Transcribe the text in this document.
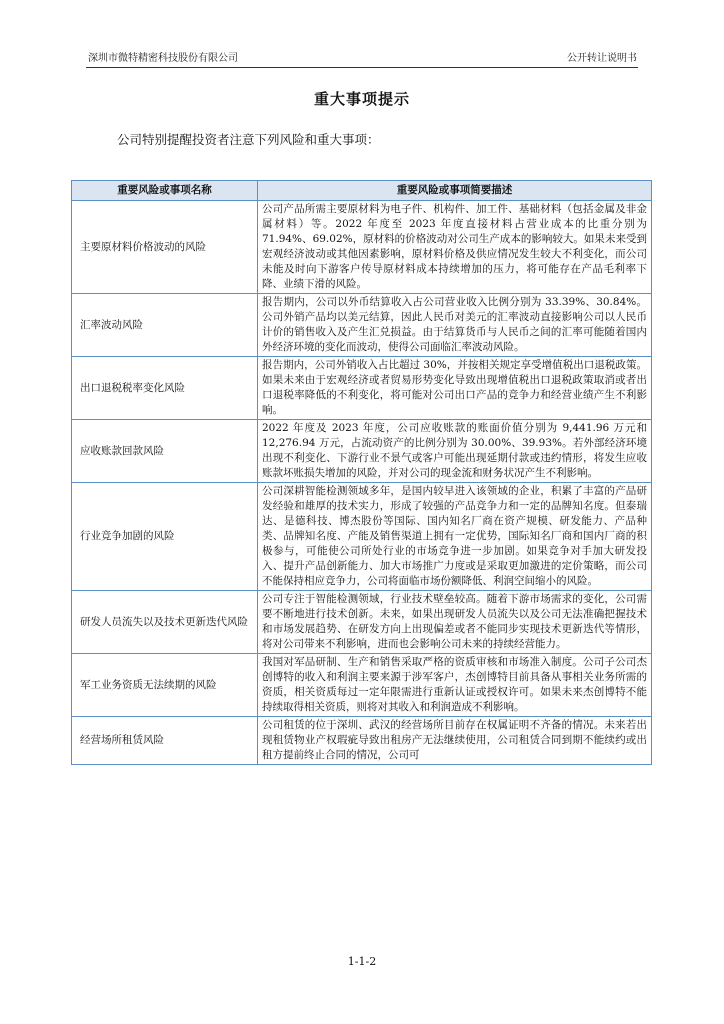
深圳市微特精密科技股份有限公司	公开转让说明书
重大事项提示
公司特别提醒投资者注意下列风险和重大事项：
重要风险或事项名称	重要风险或事项简要描述
主要原材料价格波动的风险	公司产品所需主要原材料为电子件、机构件、加工件、基础材料（包括金属及非金属材料）等。2022 年度至 2023 年度直接材料占营业成本的比重分别为 71.94%、69.02%，原材料的价格波动对公司生产成本的影响较大。如果未来受到宏观经济波动或其他因素影响，原材料价格及供应情况发生较大不利变化，而公司未能及时向下游客户传导原材料成本持续增加的压力，将可能存在产品毛利率下降、业绩下滑的风险。
汇率波动风险	报告期内，公司以外币结算收入占公司营业收入比例分别为 33.39%、30.84%。公司外销产品均以美元结算，因此人民币对美元的汇率波动直接影响公司以人民币计价的销售收入及产生汇兑损益。由于结算货币与人民币之间的汇率可能随着国内外经济环境的变化而波动，使得公司面临汇率波动风险。
出口退税税率变化风险	报告期内，公司外销收入占比超过 30%，并按相关规定享受增值税出口退税政策。如果未来由于宏观经济或者贸易形势变化导致出现增值税出口退税政策取消或者出口退税率降低的不利变化，将可能对公司出口产品的竞争力和经营业绩产生不利影响。
应收账款回款风险	2022 年度及 2023 年度，公司应收账款的账面价值分别为 9,441.96 万元和 12,276.94 万元，占流动资产的比例分别为 30.00%、39.93%。若外部经济环境出现不利变化、下游行业不景气或客户可能出现延期付款或违约情形，将发生应收账款坏账损失增加的风险，并对公司的现金流和财务状况产生不利影响。
行业竞争加剧的风险	公司深耕智能检测领域多年，是国内较早进入该领域的企业，积累了丰富的产品研发经验和雄厚的技术实力，形成了较强的产品竞争力和一定的品牌知名度。但泰瑞达、是德科技、博杰股份等国际、国内知名厂商在资产规模、研发能力、产品种类、品牌知名度、产能及销售渠道上拥有一定优势，国际知名厂商和国内厂商的积极参与，可能使公司所处行业的市场竞争进一步加剧。如果竞争对手加大研发投入、提升产品创新能力、加大市场推广力度或是采取更加激进的定价策略，而公司不能保持相应竞争力，公司将面临市场份额降低、利润空间缩小的风险。
研发人员流失以及技术更新迭代风险	公司专注于智能检测领域，行业技术壁垒较高。随着下游市场需求的变化，公司需要不断地进行技术创新。未来，如果出现研发人员流失以及公司无法准确把握技术和市场发展趋势、在研发方向上出现偏差或者不能同步实现技术更新迭代等情形，将对公司带来不利影响，进而也会影响公司未来的持续经营能力。
军工业务资质无法续期的风险	我国对军品研制、生产和销售采取严格的资质审核和市场准入制度。公司子公司杰创博特的收入和利润主要来源于涉军客户，杰创博特目前具备从事相关业务所需的资质，相关资质每过一定年限需进行重新认证或授权许可。如果未来杰创博特不能持续取得相关资质，则将对其收入和利润造成不利影响。
经营场所租赁风险	公司租赁的位于深圳、武汉的经营场所目前存在权属证明不齐备的情况。未来若出现租赁物业产权瑕疵导致出租房产无法继续使用，公司租赁合同到期不能续约或出租方提前终止合同的情况，公司可
1-1-2
